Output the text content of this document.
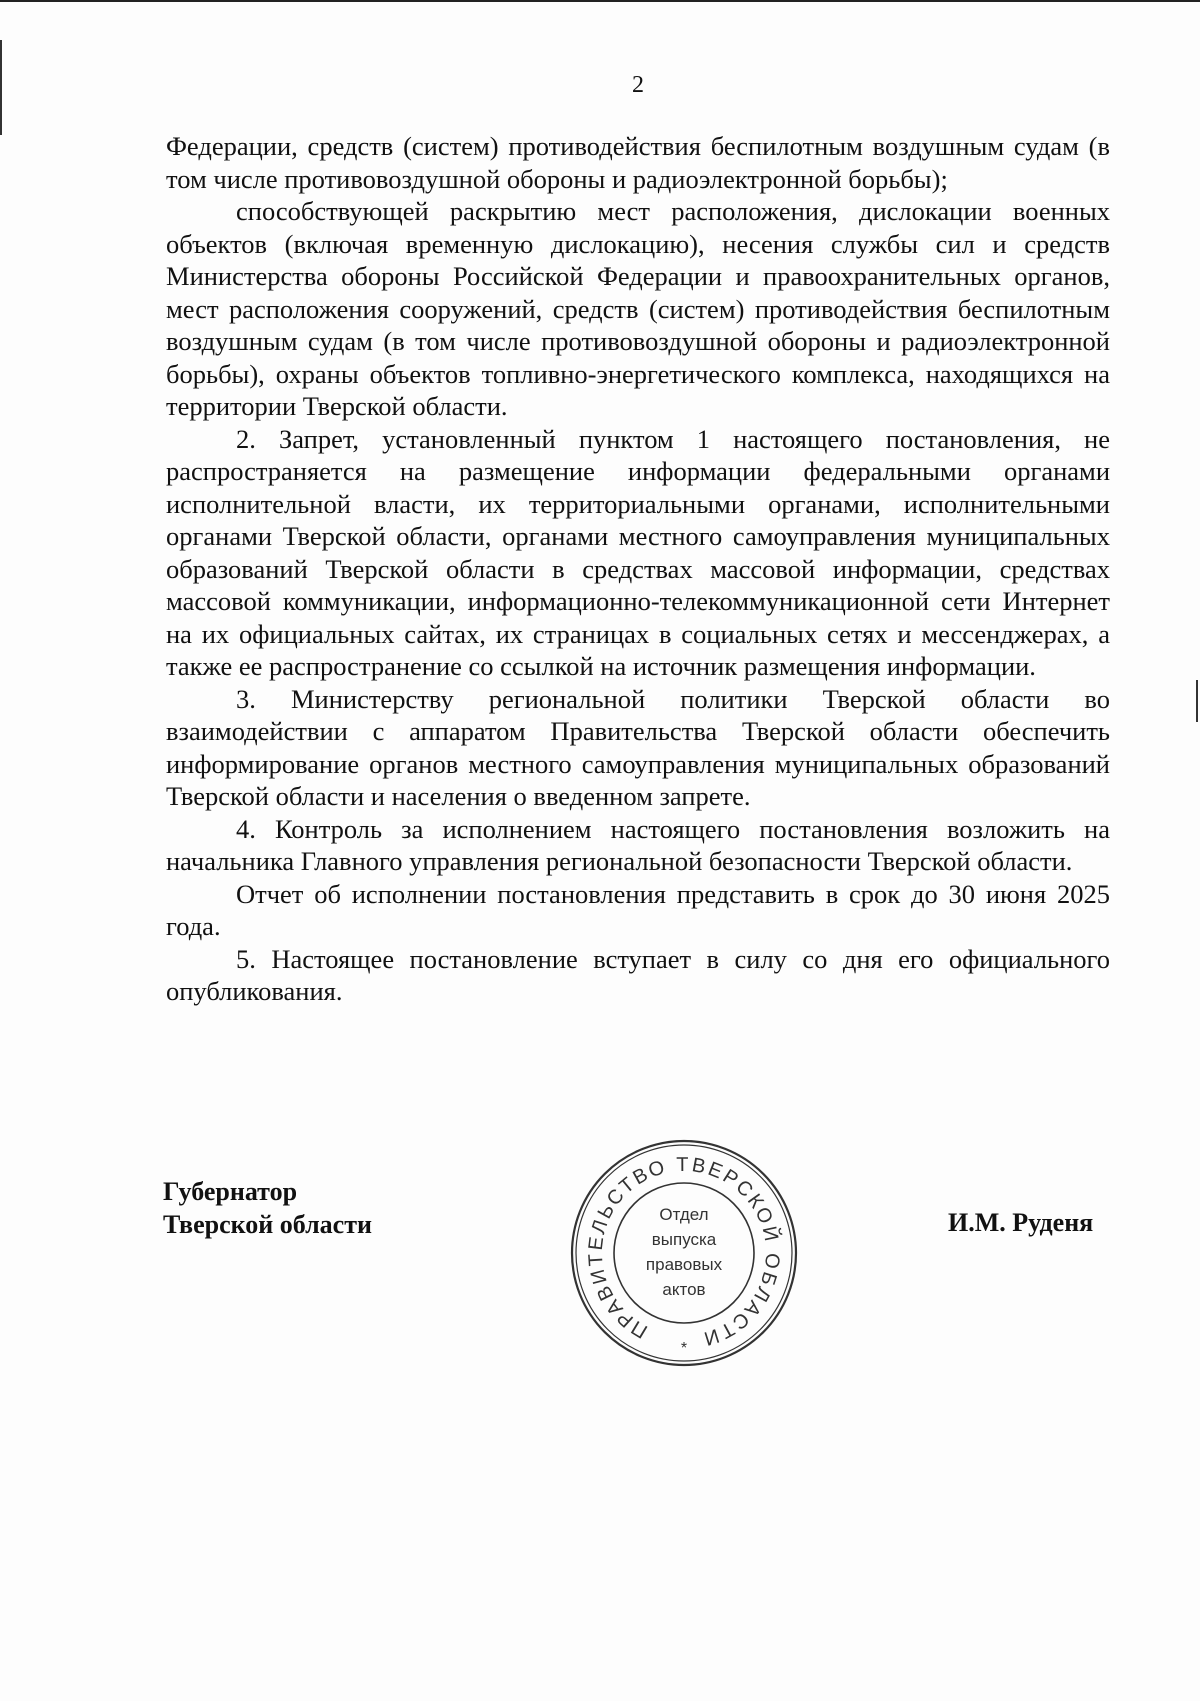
2

Федерации, средств (систем) противодействия беспилотным воздушным судам (в том числе противовоздушной обороны и радиоэлектронной борьбы);

способствующей раскрытию мест расположения, дислокации военных объектов (включая временную дислокацию), несения службы сил и средств Министерства обороны Российской Федерации и правоохранительных органов, мест расположения сооружений, средств (систем) противодействия беспилотным воздушным судам (в том числе противовоздушной обороны и радиоэлектронной борьбы), охраны объектов топливно-энергетического комплекса, находящихся на территории Тверской области.

2. Запрет, установленный пунктом 1 настоящего постановления, не распространяется на размещение информации федеральными органами исполнительной власти, их территориальными органами, исполнительными органами Тверской области, органами местного самоуправления муниципальных образований Тверской области в средствах массовой информации, средствах массовой коммуникации, информационно-телекоммуникационной сети Интернет на их официальных сайтах, их страницах в социальных сетях и мессенджерах, а также ее распространение со ссылкой на источник размещения информации.

3. Министерству региональной политики Тверской области во взаимодействии с аппаратом Правительства Тверской области обеспечить информирование органов местного самоуправления муниципальных образований Тверской области и населения о введенном запрете.

4. Контроль за исполнением настоящего постановления возложить на начальника Главного управления региональной безопасности Тверской области.

Отчет об исполнении постановления представить в срок до 30 июня 2025 года.

5. Настоящее постановление вступает в силу со дня его официального опубликования.

Губернатор
Тверской области
ПРАВИТЕЛЬСТВО ТВЕРСКОЙ ОБЛАСТИ
*
Отдел
выпуска
правовых
актов
И.М. Руденя
